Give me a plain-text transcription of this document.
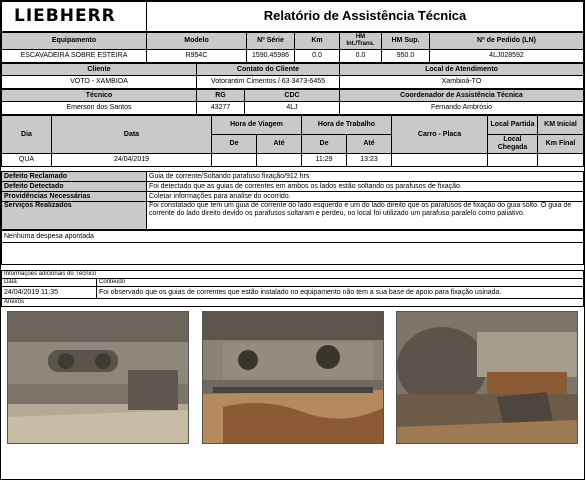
LIEBHERR	Relatório de Assistência Técnica
Equipamento	Modelo	Nº Série	Km	HM Int./Trans.	HM Sup.	Nº de Pedido (LN)
ESCAVADEIRA SOBRE ESTEIRA	R954C	1590.45986	0.0	0.0	950.0	4LJ028592
Cliente	Contato do Cliente	Local de Atendimento
VOTO - XAMBIOA	Votorantim Cimentos / 63 3473-6455	Xambioá-TO
Técnico	RG	CDC	Coordenador de Assistência Técnica
Emerson dos Santos	43277	4LJ	Fernando Ambrósio
Dia	Data	Hora de Viagem		Hora de Trabalho		Carro - Placa	Local Partida	KM Inicial
		De	Até	De	Até		Local Chegada	Km Final
QUA	24/04/2019			11:29	13:23			
Defeito Reclamado	Guia de corrente/Soltando parafuso fixação/912 hrs
Defeito Detectado	Foi detectado que as guias de correntes em ambos os lados estão soltando os parafusos de fixação.
Providências Necessárias	Coletar informações para analise do ocorrido.
Serviços Realizados	Foi constatado que tem um guia de corrente do lado esquerdo e um do lado direito que os parafusos de fixação do guia solto. O guia de corrente do lado direito devido os parafusos soltaram e perdeu, no local foi utilizado um parafuso paralelo como paliativo.
Nenhuma despesa apontada

Informações adicionais do Técnico	
Data	Conteúdo
24/04/2019 11:35	Foi observado que os guias de correntes que estão instalado no equipamento não tem a sua base de apoio para fixação usinada.
Anexos	
